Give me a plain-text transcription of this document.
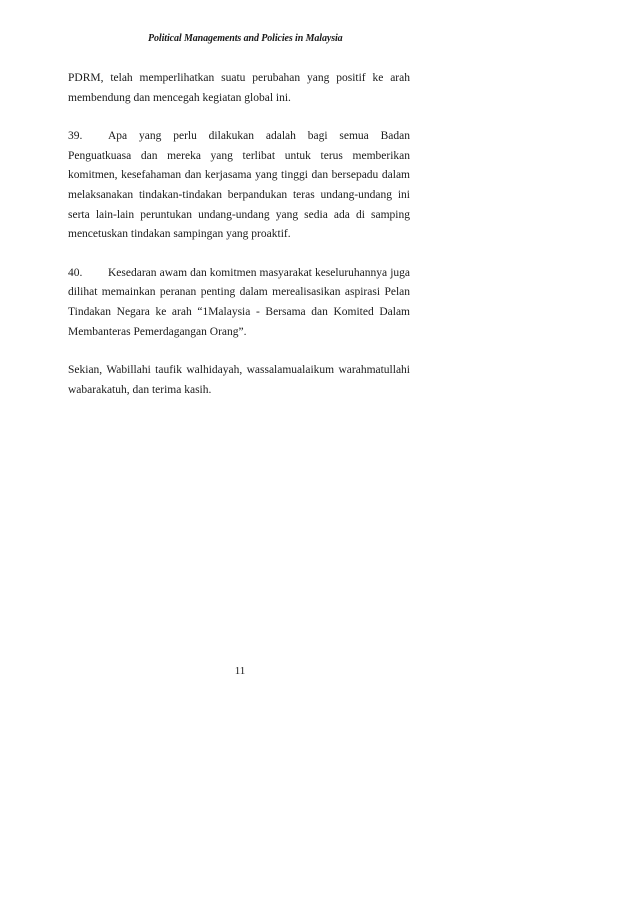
Political Managements and Policies in Malaysia

PDRM, telah memperlihatkan suatu perubahan yang positif ke arah membendung dan mencegah kegiatan global ini.

39. Apa yang perlu dilakukan adalah bagi semua Badan Penguatkuasa dan mereka yang terlibat untuk terus memberikan komitmen, kesefahaman dan kerjasama yang tinggi dan bersepadu dalam melaksanakan tindakan-tindakan berpandukan teras undang-undang ini serta lain-lain peruntukan undang-undang yang sedia ada di samping mencetuskan tindakan sampingan yang proaktif.

40. Kesedaran awam dan komitmen masyarakat keseluruhannya juga dilihat memainkan peranan penting dalam merealisasikan aspirasi Pelan Tindakan Negara ke arah “1Malaysia - Bersama dan Komited Dalam Membanteras Pemerdagangan Orang”.

Sekian, Wabillahi taufik walhidayah, wassalamualaikum warahmatullahi wabarakatuh, dan terima kasih.

11
